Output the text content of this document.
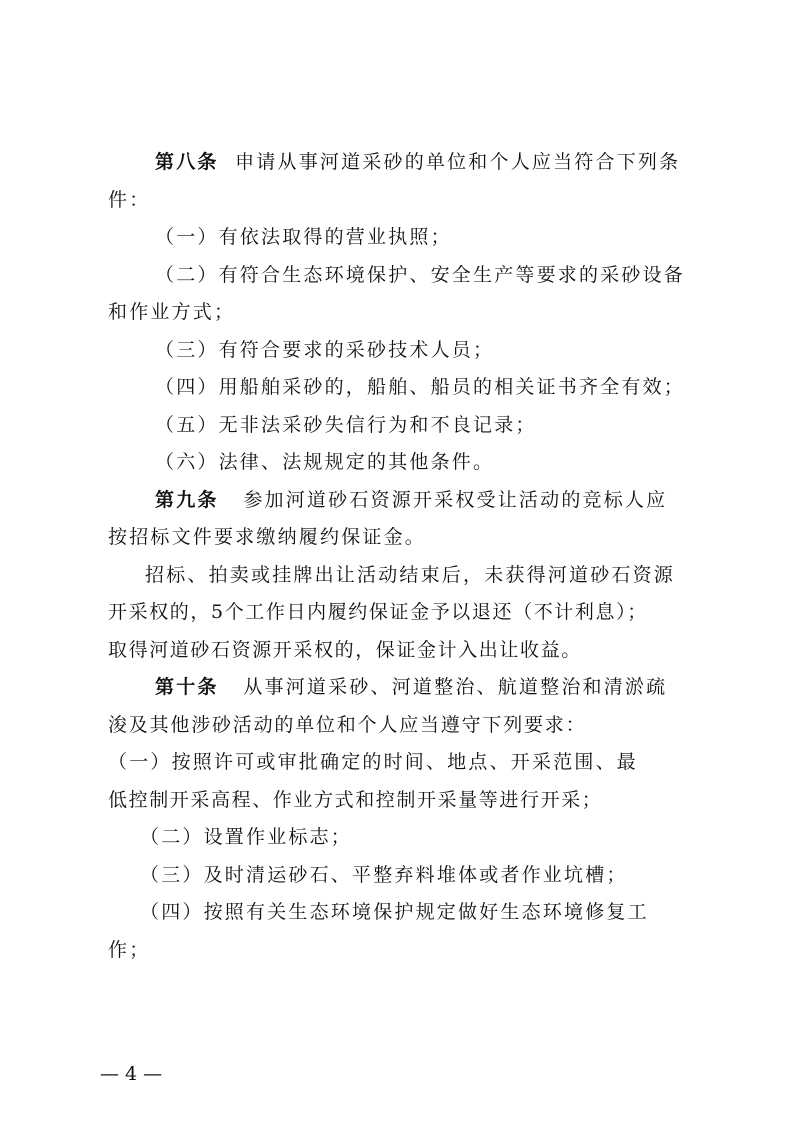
第八条 申请从事河道采砂的单位和个人应当符合下列条
件：
（一）有依法取得的营业执照；
（二）有符合生态环境保护、安全生产等要求的采砂设备
和作业方式；
（三）有符合要求的采砂技术人员；
（四）用船舶采砂的，船舶、船员的相关证书齐全有效；
（五）无非法采砂失信行为和不良记录；
（六）法律、法规规定的其他条件。
第九条 参加河道砂石资源开采权受让活动的竞标人应
按招标文件要求缴纳履约保证金。
招标、拍卖或挂牌出让活动结束后，未获得河道砂石资源
开采权的，5个工作日内履约保证金予以退还（不计利息）；
取得河道砂石资源开采权的，保证金计入出让收益。
第十条 从事河道采砂、河道整治、航道整治和清淤疏
浚及其他涉砂活动的单位和个人应当遵守下列要求：
（一）按照许可或审批确定的时间、地点、开采范围、最
低控制开采高程、作业方式和控制开采量等进行开采；
（二）设置作业标志；
（三）及时清运砂石、平整弃料堆体或者作业坑槽；
（四）按照有关生态环境保护规定做好生态环境修复工
作；
— 4 —
